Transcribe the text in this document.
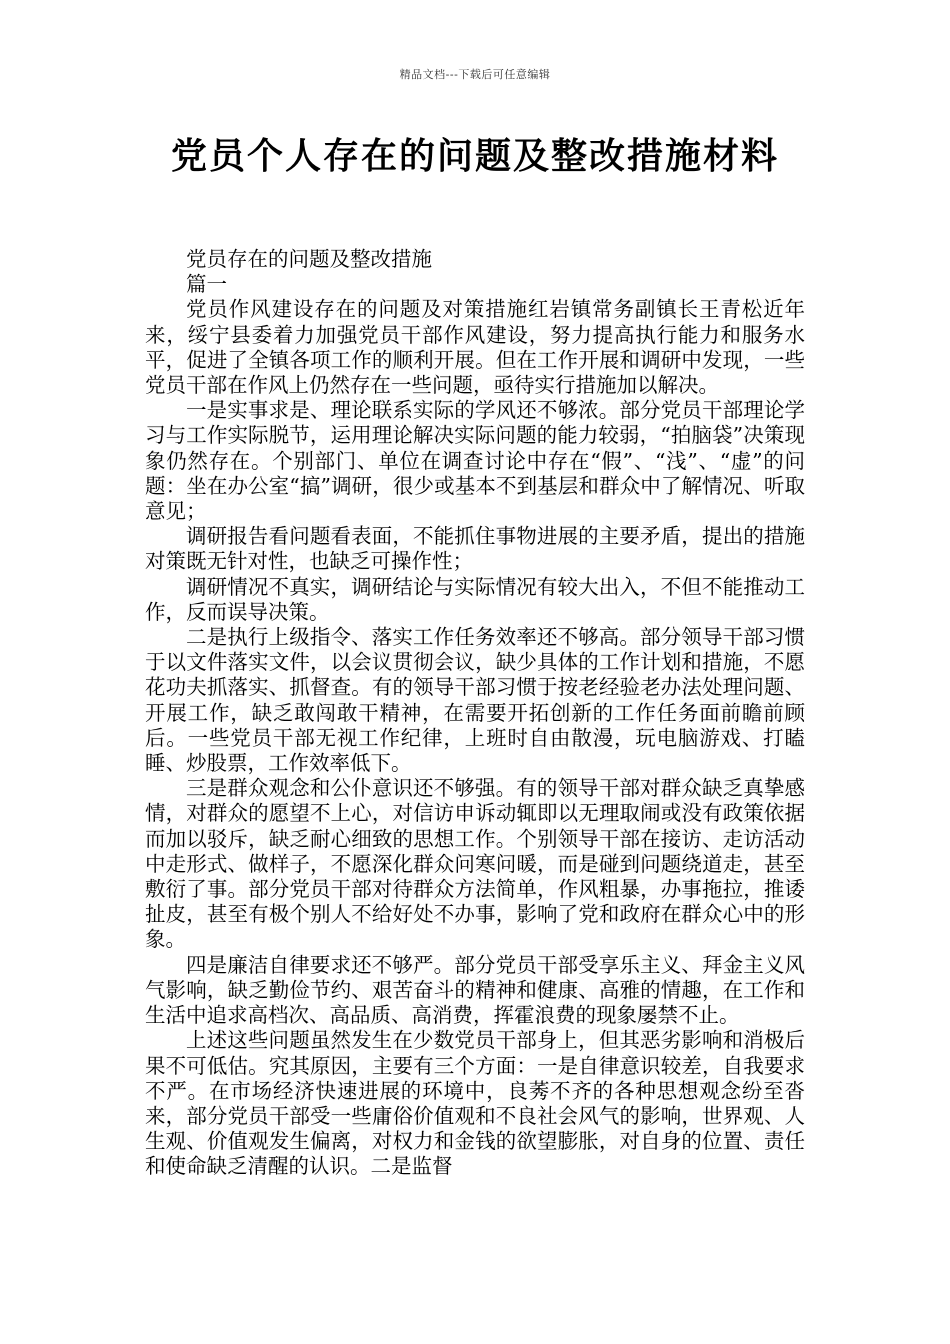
精品文档---下载后可任意编辑
党员个人存在的问题及整改措施材料

党员存在的问题及整改措施

篇一

党员作风建设存在的问题及对策措施红岩镇常务副镇长王青松近年来，绥宁县委着力加强党员干部作风建设，努力提高执行能力和服务水平，促进了全镇各项工作的顺利开展。但在工作开展和调研中发现，一些党员干部在作风上仍然存在一些问题，亟待实行措施加以解决。

一是实事求是、理论联系实际的学风还不够浓。部分党员干部理论学习与工作实际脱节，运用理论解决实际问题的能力较弱，“拍脑袋”决策现象仍然存在。个别部门、单位在调查讨论中存在“假”、“浅”、“虚”的问题：坐在办公室“搞”调研，很少或基本不到基层和群众中了解情况、听取意见；

调研报告看问题看表面，不能抓住事物进展的主要矛盾，提出的措施对策既无针对性，也缺乏可操作性；

调研情况不真实，调研结论与实际情况有较大出入，不但不能推动工作，反而误导决策。

二是执行上级指令、落实工作任务效率还不够高。部分领导干部习惯于以文件落实文件，以会议贯彻会议，缺少具体的工作计划和措施，不愿花功夫抓落实、抓督查。有的领导干部习惯于按老经验老办法处理问题、开展工作，缺乏敢闯敢干精神，在需要开拓创新的工作任务面前瞻前顾后。一些党员干部无视工作纪律，上班时自由散漫，玩电脑游戏、打瞌睡、炒股票，工作效率低下。

三是群众观念和公仆意识还不够强。有的领导干部对群众缺乏真挚感情，对群众的愿望不上心，对信访申诉动辄即以无理取闹或没有政策依据而加以驳斥，缺乏耐心细致的思想工作。个别领导干部在接访、走访活动中走形式、做样子，不愿深化群众问寒问暖，而是碰到问题绕道走，甚至敷衍了事。部分党员干部对待群众方法简单，作风粗暴，办事拖拉，推诿扯皮，甚至有极个别人不给好处不办事，影响了党和政府在群众心中的形象。

四是廉洁自律要求还不够严。部分党员干部受享乐主义、拜金主义风气影响，缺乏勤俭节约、艰苦奋斗的精神和健康、高雅的情趣，在工作和生活中追求高档次、高品质、高消费，挥霍浪费的现象屡禁不止。

上述这些问题虽然发生在少数党员干部身上，但其恶劣影响和消极后果不可低估。究其原因，主要有三个方面：一是自律意识较差，自我要求不严。在市场经济快速进展的环境中，良莠不齐的各种思想观念纷至沓来，部分党员干部受一些庸俗价值观和不良社会风气的影响，世界观、人生观、价值观发生偏离，对权力和金钱的欲望膨胀，对自身的位置、责任和使命缺乏清醒的认识。二是监督
